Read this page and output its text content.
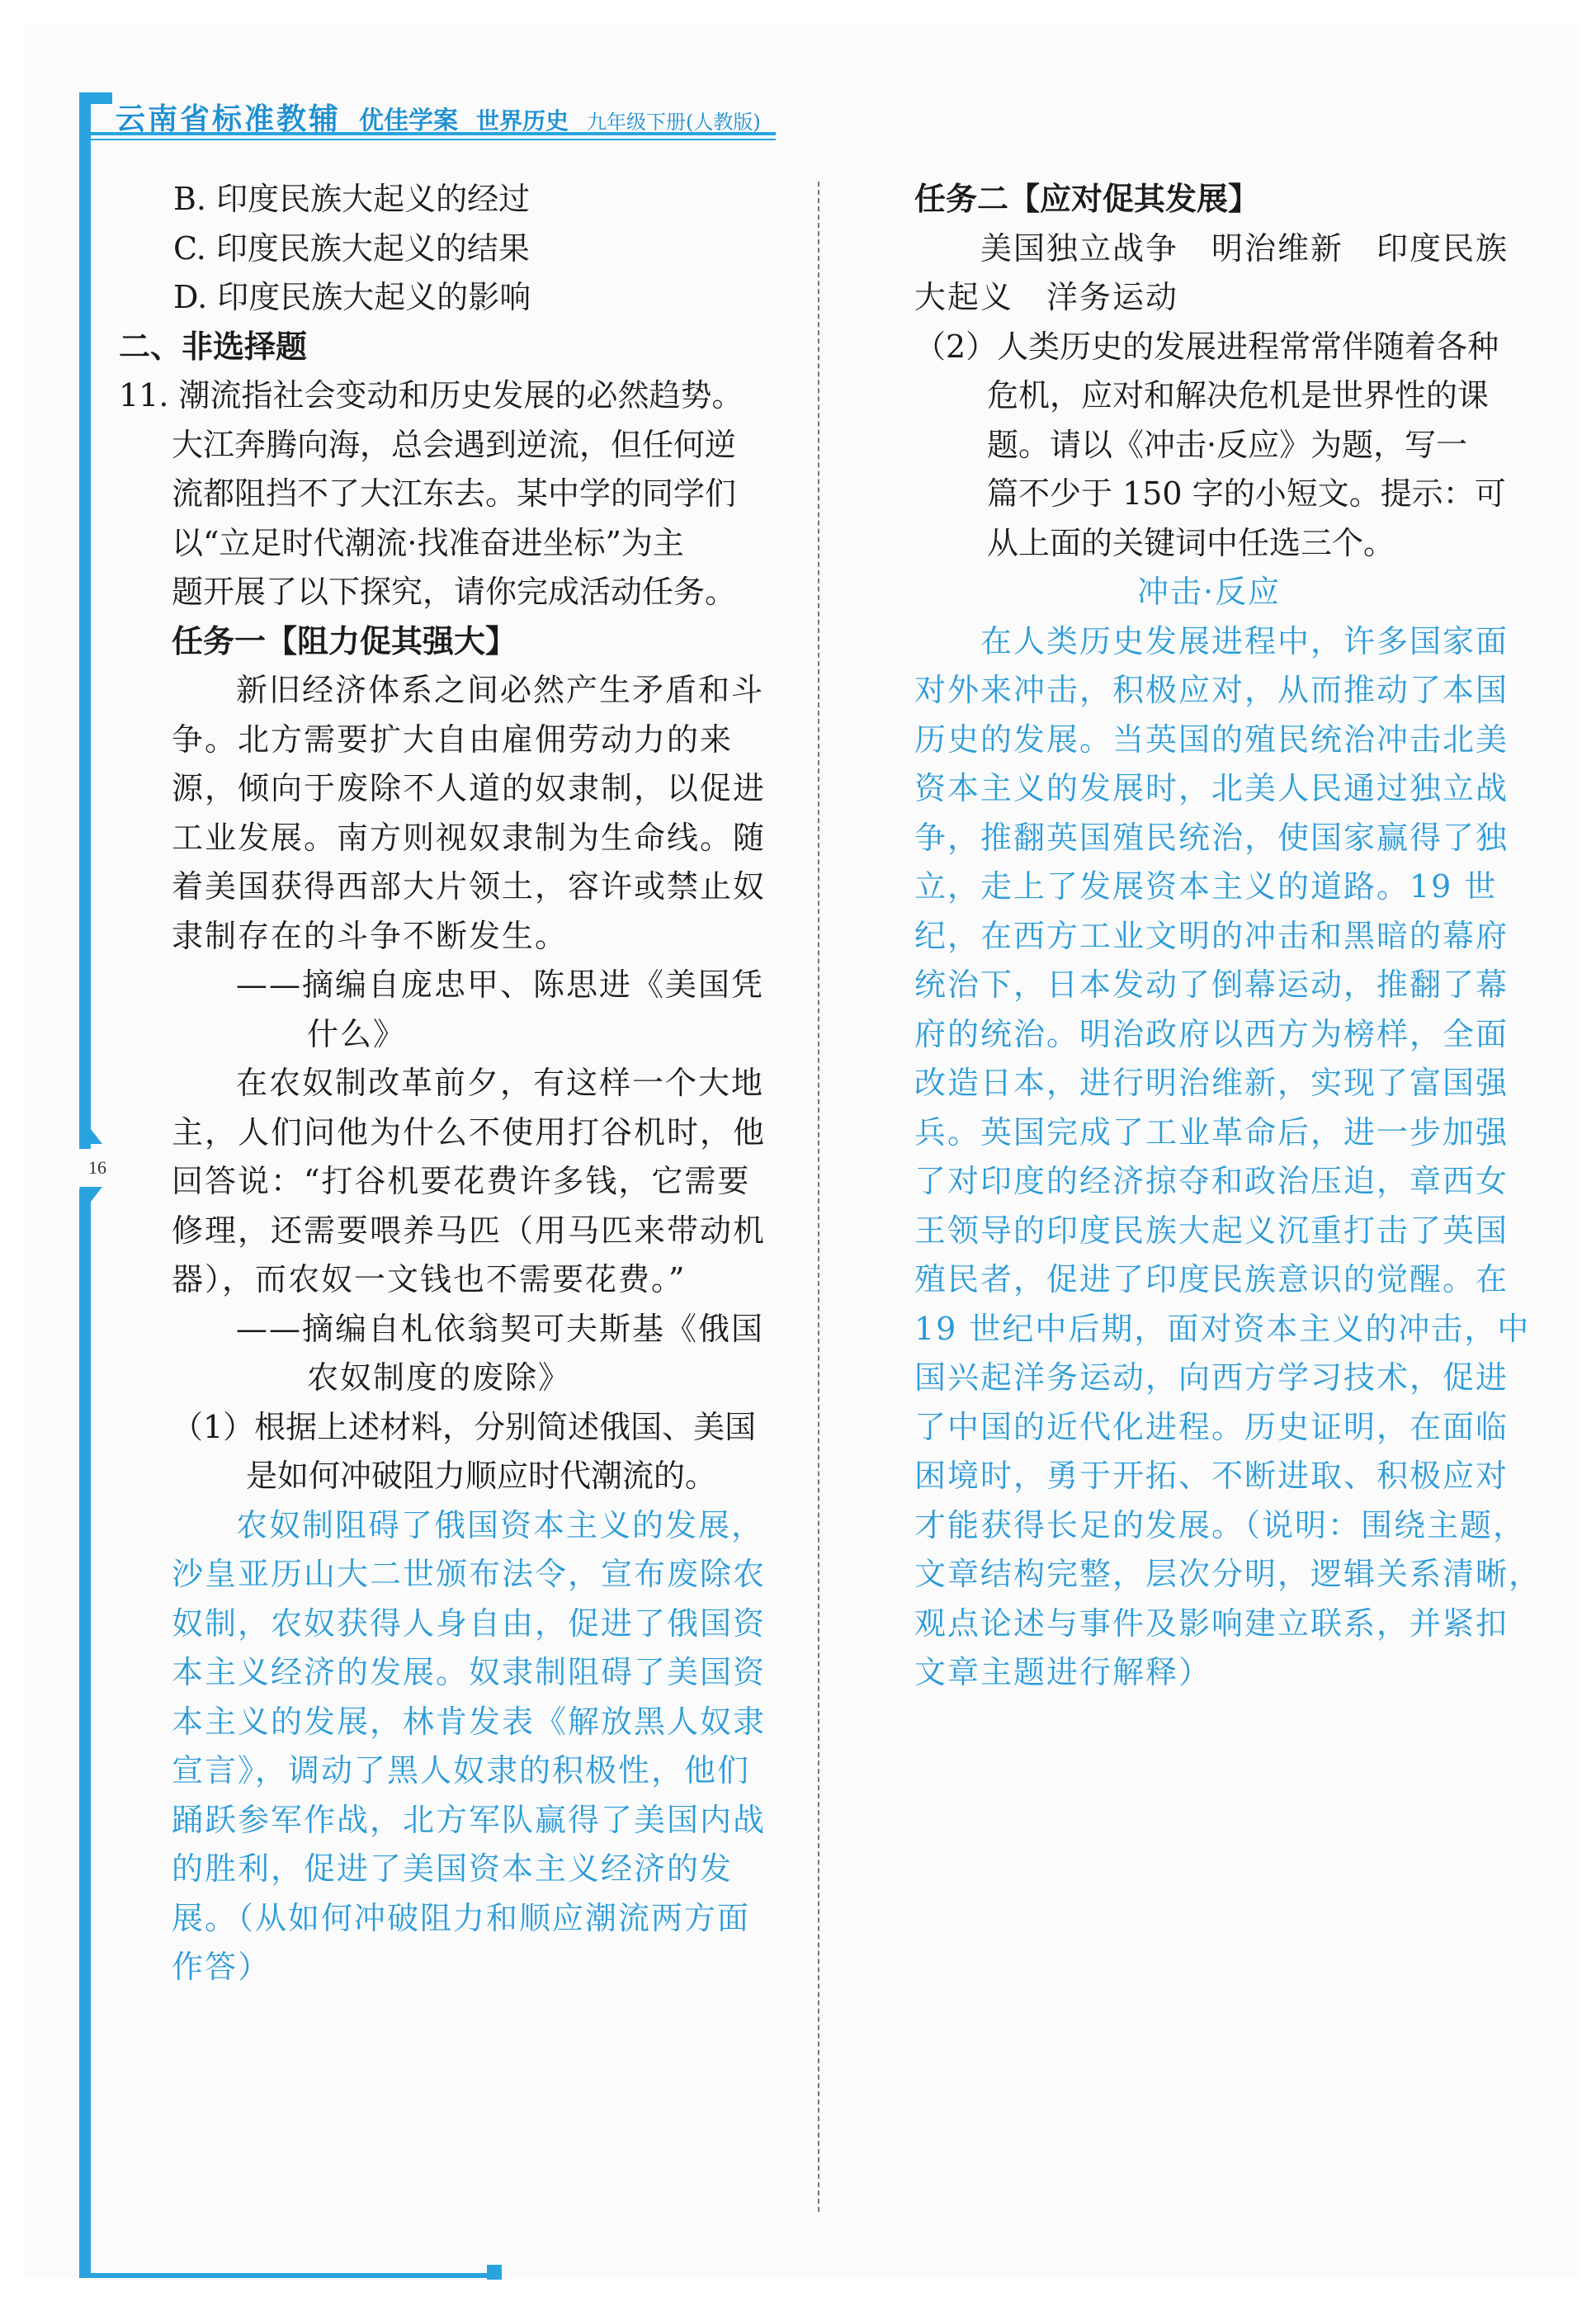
云南省标准教辅 优佳学案 世界历史 九年级下册(人教版)
16
B. 印度民族大起义的经过
C. 印度民族大起义的结果
D. 印度民族大起义的影响
二、非选择题
11. 潮流指社会变动和历史发展的必然趋势。
大江奔腾向海，总会遇到逆流，但任何逆
流都阻挡不了大江东去。某中学的同学们
以“立足时代潮流·找准奋进坐标”为主
题开展了以下探究，请你完成活动任务。
任务一【阻力促其强大】
新旧经济体系之间必然产生矛盾和斗
争。北方需要扩大自由雇佣劳动力的来
源，倾向于废除不人道的奴隶制，以促进
工业发展。南方则视奴隶制为生命线。随
着美国获得西部大片领土，容许或禁止奴
隶制存在的斗争不断发生。
——摘编自庞忠甲、陈思进《美国凭
什么》
在农奴制改革前夕，有这样一个大地
主，人们问他为什么不使用打谷机时，他
回答说：“打谷机要花费许多钱，它需要
修理，还需要喂养马匹（用马匹来带动机
器），而农奴一文钱也不需要花费。”
——摘编自札依翁契可夫斯基《俄国
农奴制度的废除》
（1）根据上述材料，分别简述俄国、美国
是如何冲破阻力顺应时代潮流的。
农奴制阻碍了俄国资本主义的发展，
沙皇亚历山大二世颁布法令，宣布废除农
奴制，农奴获得人身自由，促进了俄国资
本主义经济的发展。奴隶制阻碍了美国资
本主义的发展，林肯发表《解放黑人奴隶
宣言》，调动了黑人奴隶的积极性，他们
踊跃参军作战，北方军队赢得了美国内战
的胜利，促进了美国资本主义经济的发
展。（从如何冲破阻力和顺应潮流两方面
作答）
任务二【应对促其发展】
美国独立战争　明治维新　印度民族
大起义　洋务运动
（2）人类历史的发展进程常常伴随着各种
危机，应对和解决危机是世界性的课
题。请以《冲击·反应》为题，写一
篇不少于 150 字的小短文。提示：可
从上面的关键词中任选三个。
冲击·反应
在人类历史发展进程中，许多国家面
对外来冲击，积极应对，从而推动了本国
历史的发展。当英国的殖民统治冲击北美
资本主义的发展时，北美人民通过独立战
争，推翻英国殖民统治，使国家赢得了独
立，走上了发展资本主义的道路。19 世
纪，在西方工业文明的冲击和黑暗的幕府
统治下，日本发动了倒幕运动，推翻了幕
府的统治。明治政府以西方为榜样，全面
改造日本，进行明治维新，实现了富国强
兵。英国完成了工业革命后，进一步加强
了对印度的经济掠夺和政治压迫，章西女
王领导的印度民族大起义沉重打击了英国
殖民者，促进了印度民族意识的觉醒。在
19 世纪中后期，面对资本主义的冲击，中
国兴起洋务运动，向西方学习技术，促进
了中国的近代化进程。历史证明，在面临
困境时，勇于开拓、不断进取、积极应对
才能获得长足的发展。（说明：围绕主题，
文章结构完整，层次分明，逻辑关系清晰，
观点论述与事件及影响建立联系，并紧扣
文章主题进行解释）
